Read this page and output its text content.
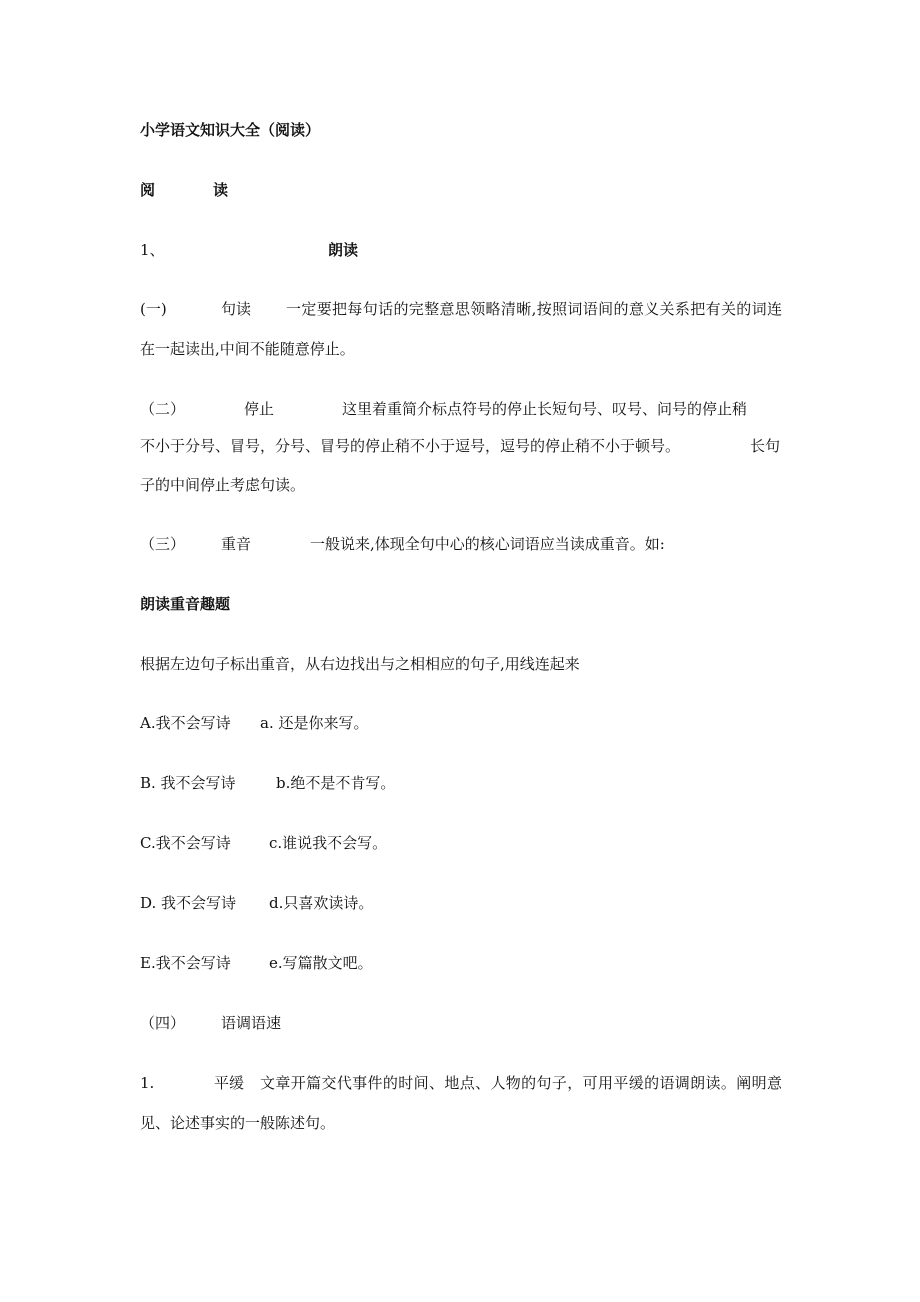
小学语文知识大全（阅读）
阅	读
1、	朗读
(一)	句读	一定要把每句话的完整意思领略清晰,按照词语间的意义关系把有关的词连在一起读出,中间不能随意停止。
（二）	停止	这里着重简介标点符号的停止长短句号、叹号、问号的停止稍
不小于分号、冒号，分号、冒号的停止稍不小于逗号，逗号的停止稍不小于顿号。	长句
子的中间停止考虑句读。
（三） 重音	一般说来,体现全句中心的核心词语应当读成重音。如:
朗读重音趣题
根据左边句子标出重音，从右边找出与之相相应的句子,用线连起来
A.我不会写诗 a. 还是你来写。
B. 我不会写诗	b.绝不是不肯写。
C.我不会写诗	c.谁说我不会写。
D. 我不会写诗 d.只喜欢读诗。
E.我不会写诗	e.写篇散文吧。
（四） 语调语速
1.	平缓	文章开篇交代事件的时间、地点、人物的句子，可用平缓的语调朗读。阐明意见、论述事实的一般陈述句。
